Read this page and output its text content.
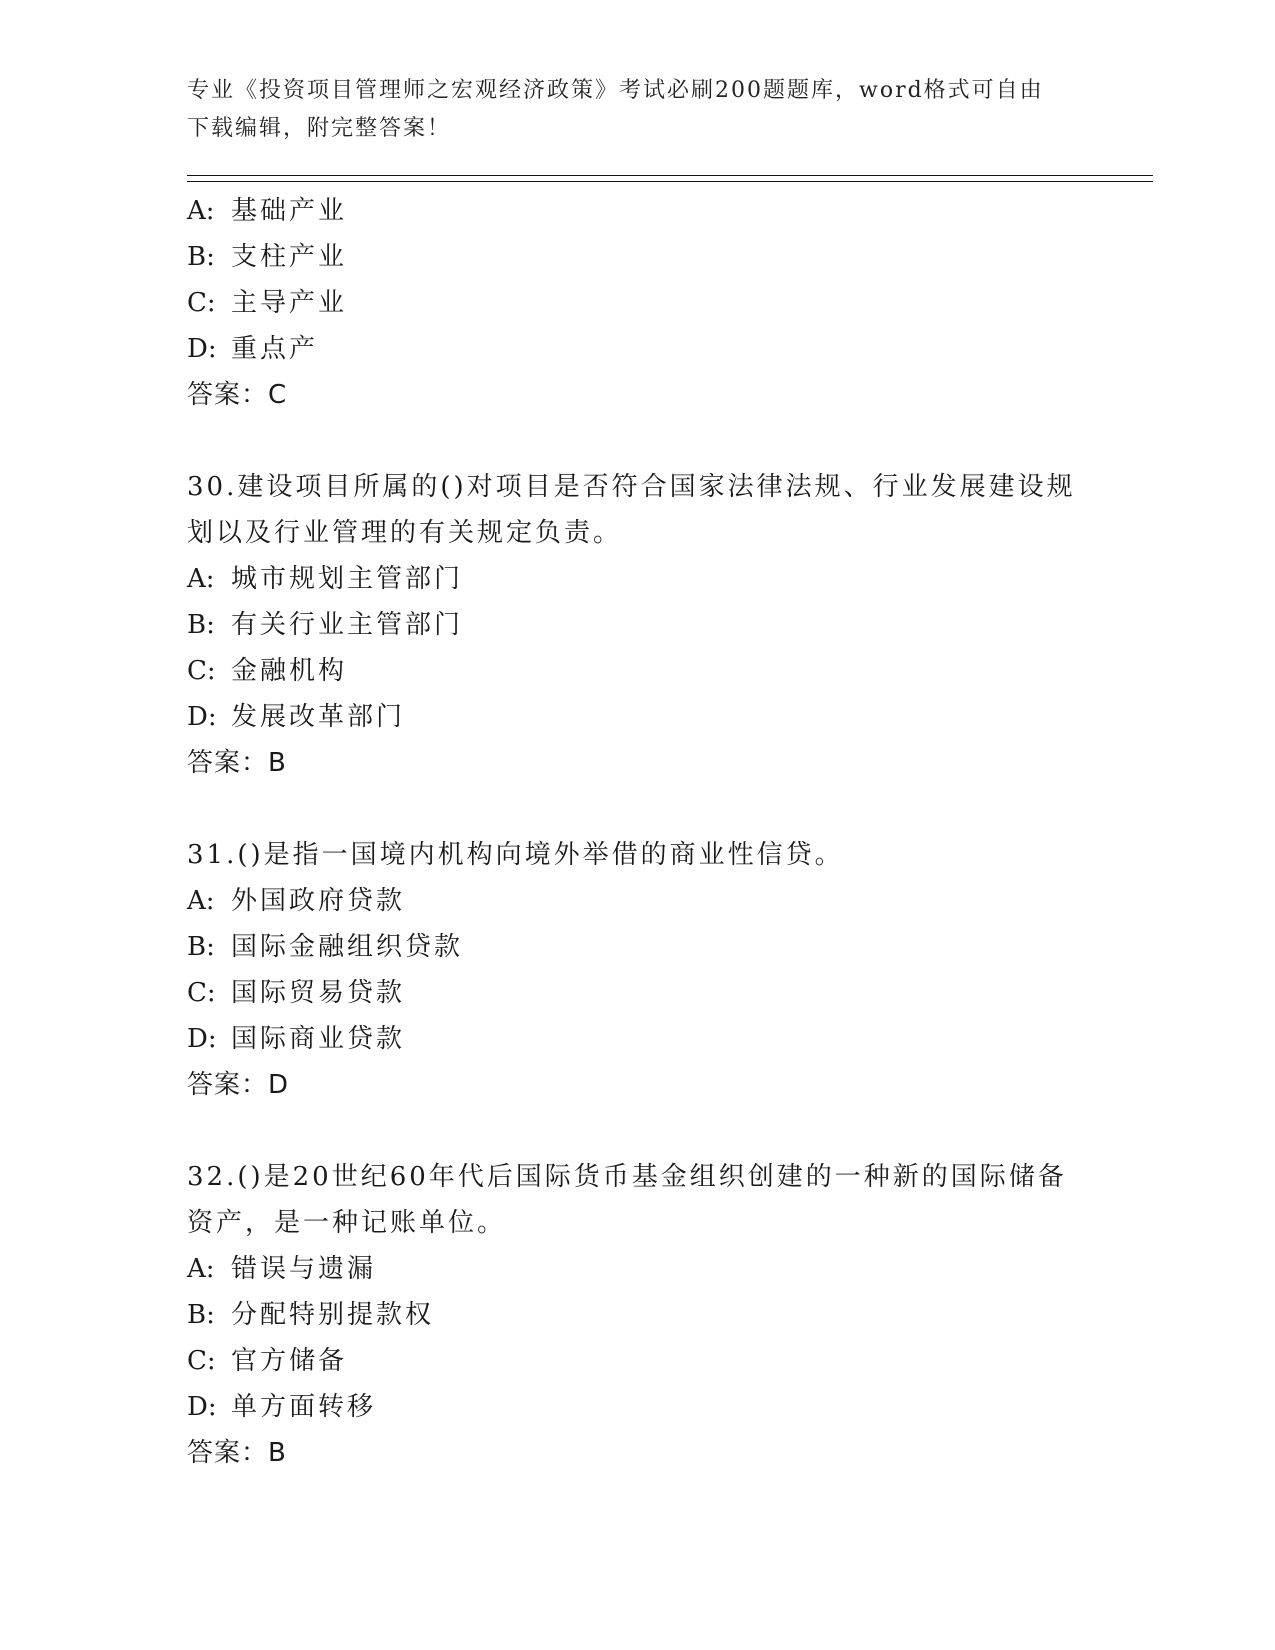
专业《投资项目管理师之宏观经济政策》考试必刷200题题库，word格式可自由
下载编辑，附完整答案！

A: 基础产业

B: 支柱产业

C: 主导产业

D: 重点产

答案：C

30.建设项目所属的()对项目是否符合国家法律法规、行业发展建设规

划以及行业管理的有关规定负责。

A: 城市规划主管部门

B: 有关行业主管部门

C: 金融机构

D: 发展改革部门

答案：B

31.()是指一国境内机构向境外举借的商业性信贷。

A: 外国政府贷款

B: 国际金融组织贷款

C: 国际贸易贷款

D: 国际商业贷款

答案：D

32.()是20世纪60年代后国际货币基金组织创建的一种新的国际储备

资产，是一种记账单位。

A: 错误与遗漏

B: 分配特别提款权

C: 官方储备

D: 单方面转移

答案：B
